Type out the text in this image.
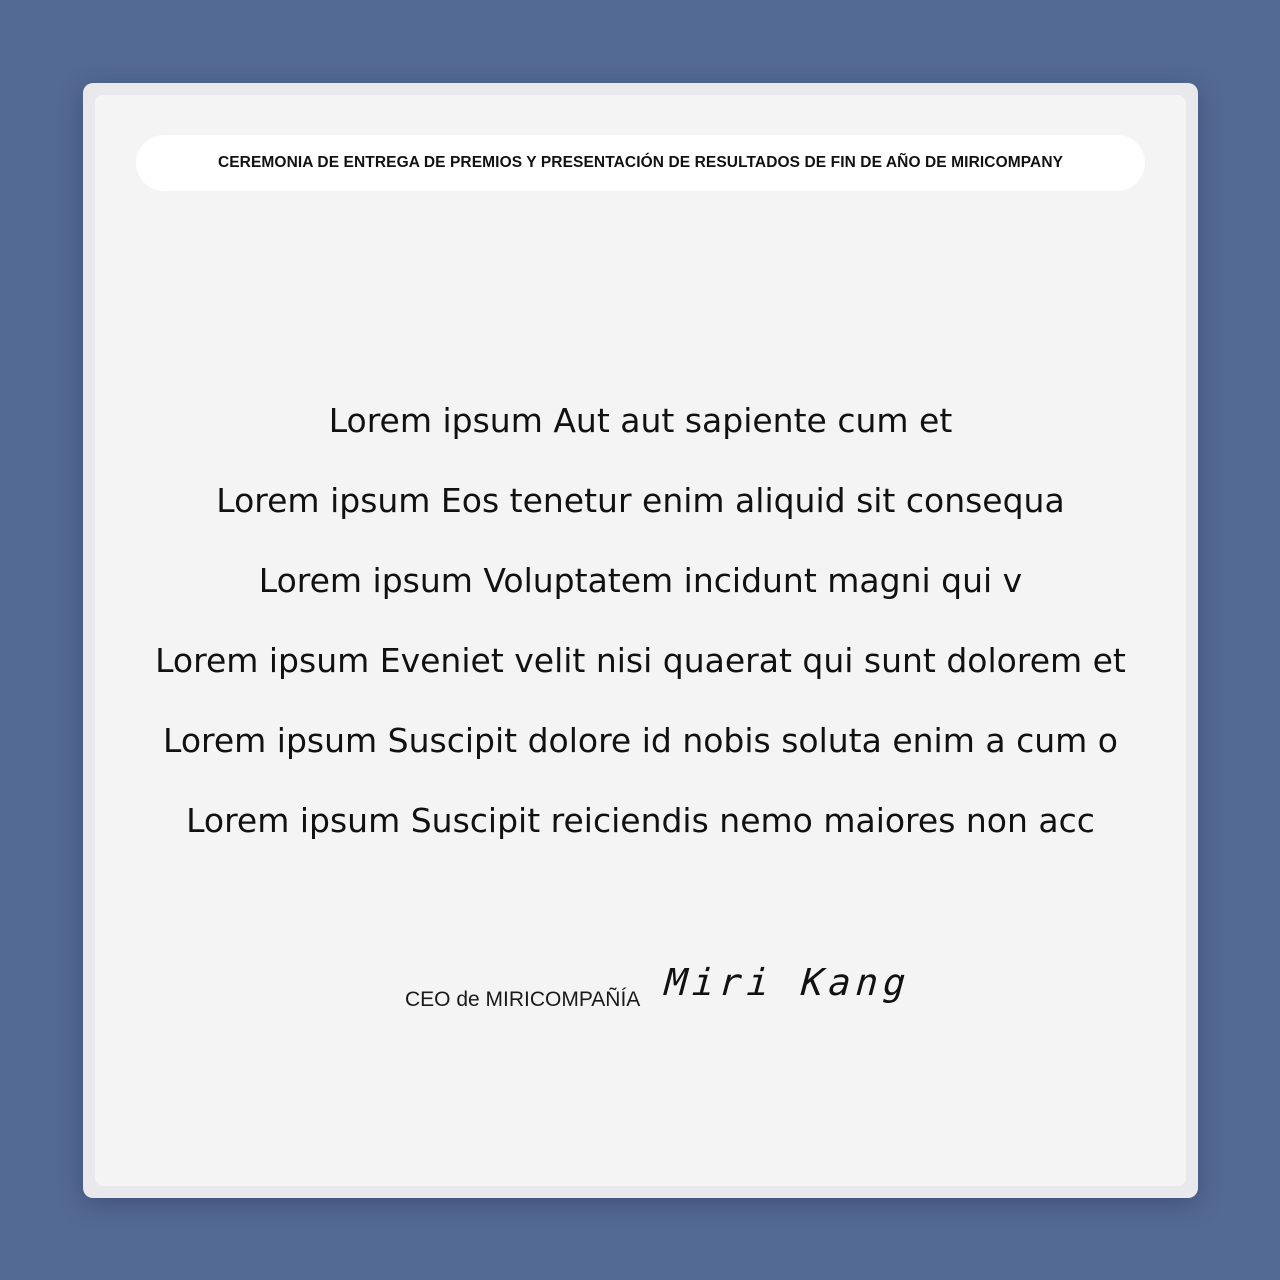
CEREMONIA DE ENTREGA DE PREMIOS Y PRESENTACIÓN DE RESULTADOS DE FIN DE AÑO DE MIRICOMPANY
Lorem ipsum Aut aut sapiente cum et
Lorem ipsum Eos tenetur enim aliquid sit consequa
Lorem ipsum Voluptatem incidunt magni qui v
Lorem ipsum Eveniet velit nisi quaerat qui sunt dolorem et
Lorem ipsum Suscipit dolore id nobis soluta enim a cum o
Lorem ipsum Suscipit reiciendis nemo maiores non acc
CEO de MIRICOMPAÑÍA Miri Kang
